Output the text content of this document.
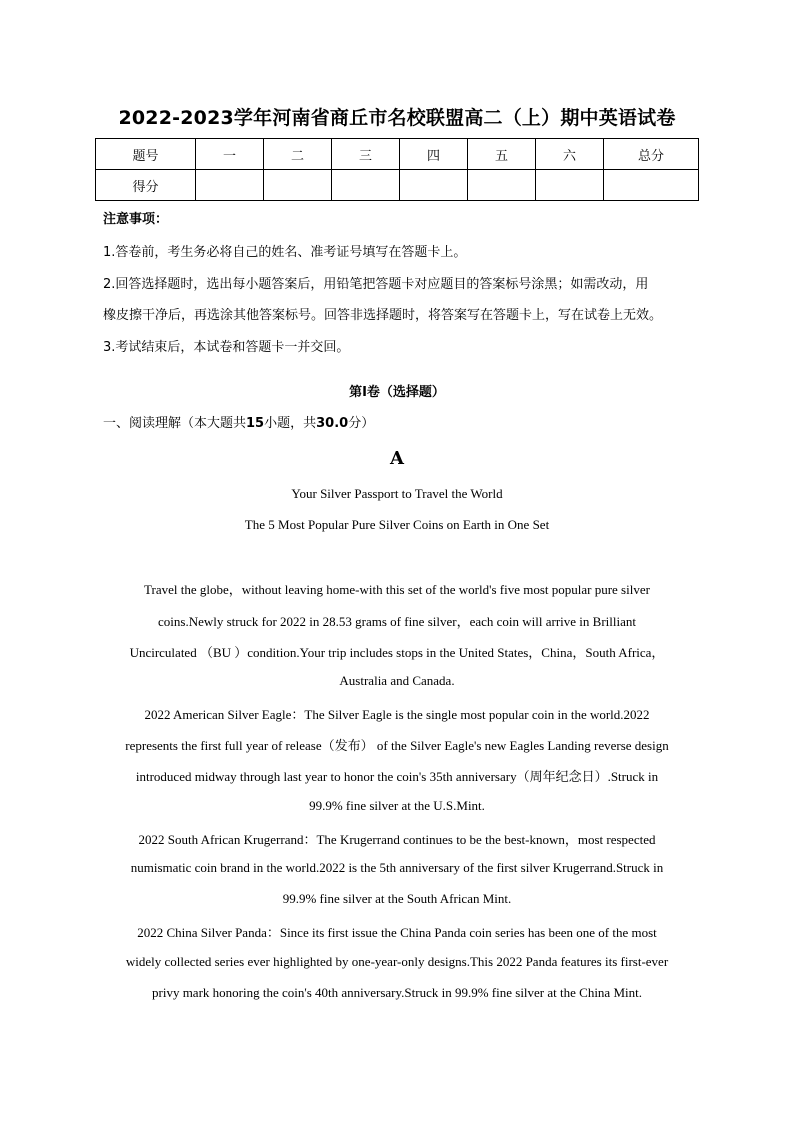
2022-2023学年河南省商丘市名校联盟高二（上）期中英语试卷
题号	一	二	三	四	五	六	总分
得分							
注意事项：
1.答卷前，考生务必将自己的姓名、准考证号填写在答题卡上。
2.回答选择题时，选出每小题答案后，用铅笔把答题卡对应题目的答案标号涂黑；如需改动，用
橡皮擦干净后，再选涂其他答案标号。回答非选择题时，将答案写在答题卡上，写在试卷上无效。
3.考试结束后，本试卷和答题卡一并交回。
第Ⅰ卷（选择题）
一、阅读理解（本大题共15小题，共30.0分）
A
Your Silver Passport to Travel the World
The 5 Most Popular Pure Silver Coins on Earth in One Set
Travel the globe，without leaving home-with this set of the world's five most popular pure silver
coins.Newly struck for 2022 in 28.53 grams of fine silver，each coin will arrive in Brilliant
Uncirculated （BU ）condition.Your trip includes stops in the United States，China，South Africa，
Australia and Canada.
2022 American Silver Eagle：The Silver Eagle is the single most popular coin in the world.2022
represents the first full year of release（发布） of the Silver Eagle's new Eagles Landing reverse design
introduced midway through last year to honor the coin's 35th anniversary（周年纪念日）.Struck in
99.9% fine silver at the U.S.Mint.
2022 South African Krugerrand：The Krugerrand continues to be the best-known，most respected
numismatic coin brand in the world.2022 is the 5th anniversary of the first silver Krugerrand.Struck in
99.9% fine silver at the South African Mint.
2022 China Silver Panda：Since its first issue the China Panda coin series has been one of the most
widely collected series ever highlighted by one-year-only designs.This 2022 Panda features its first-ever
privy mark honoring the coin's 40th anniversary.Struck in 99.9% fine silver at the China Mint.
